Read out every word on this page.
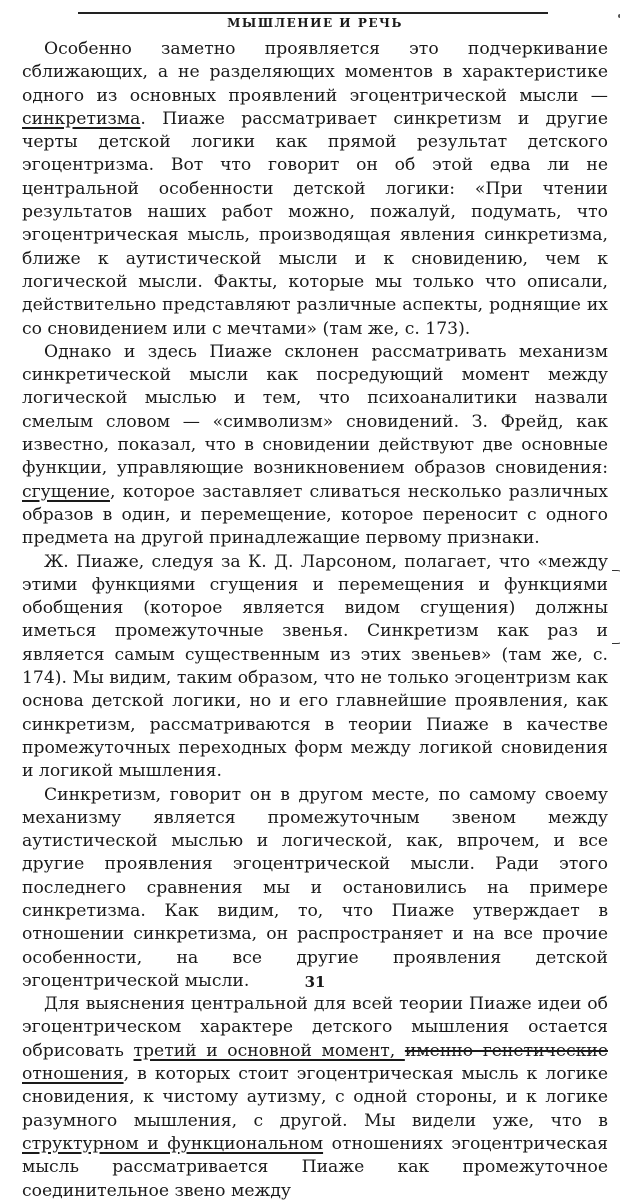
МЫШЛЕНИЕ И РЕЧЬ

Особенно заметно проявляется это подчеркивание сближающих, а не разделяющих моментов в характеристике одного из основных проявлений эгоцентрической мысли — синкретизма. Пиаже рассматривает синкретизм и другие черты детской логики как прямой результат детского эгоцентризма. Вот что говорит он об этой едва ли не центральной особенности детской логики: «При чтении результатов наших работ можно, пожалуй, подумать, что эгоцентрическая мысль, производящая явления синкретизма, ближе к аутистической мысли и к сновидению, чем к логической мысли. Факты, которые мы только что описали, действительно представляют различные аспекты, роднящие их со сновидением или с мечтами» (там же, с. 173).

Однако и здесь Пиаже склонен рассматривать механизм синкретической мысли как посредующий момент между логической мыслью и тем, что психоаналитики назвали смелым словом — «символизм» сновидений. З. Фрейд, как известно, показал, что в сновидении действуют две основные функции, управляющие возникновением образов сновидения: сгущение, которое заставляет сливаться несколько различных образов в один, и перемещение, которое переносит с одного предмета на другой принадлежащие первому признаки.

Ж. Пиаже, следуя за К. Д. Ларсоном, полагает, что «между этими функциями сгущения и перемещения и функциями обобщения (которое является видом сгущения) должны иметься промежуточные звенья. Синкретизм как раз и является самым существенным из этих звеньев» (там же, с. 174). Мы видим, таким образом, что не только эгоцентризм как основа детской логики, но и его главнейшие проявления, как синкретизм, рассматриваются в теории Пиаже в качестве промежуточных переходных форм между логикой сновидения и логикой мышления.

Синкретизм, говорит он в другом месте, по самому своему механизму является промежуточным звеном между аутистической мыслью и логической, как, впрочем, и все другие проявления эгоцентрической мысли. Ради этого последнего сравнения мы и остановились на примере синкретизма. Как видим, то, что Пиаже утверждает в отношении синкретизма, он распространяет и на все прочие особенности, на все другие проявления детской эгоцентрической мысли.

Для выяснения центральной для всей теории Пиаже идеи об эгоцентрическом характере детского мышления остается обрисовать третий и основной момент, именно генетические отношения, в которых стоит эгоцентрическая мысль к логике сновидения, к чистому аутизму, с одной стороны, и к логике разумного мышления, с другой. Мы видели уже, что в структурном и функциональном отношениях эгоцентрическая мысль рассматривается Пиаже как промежуточное соединительное звено между

31
